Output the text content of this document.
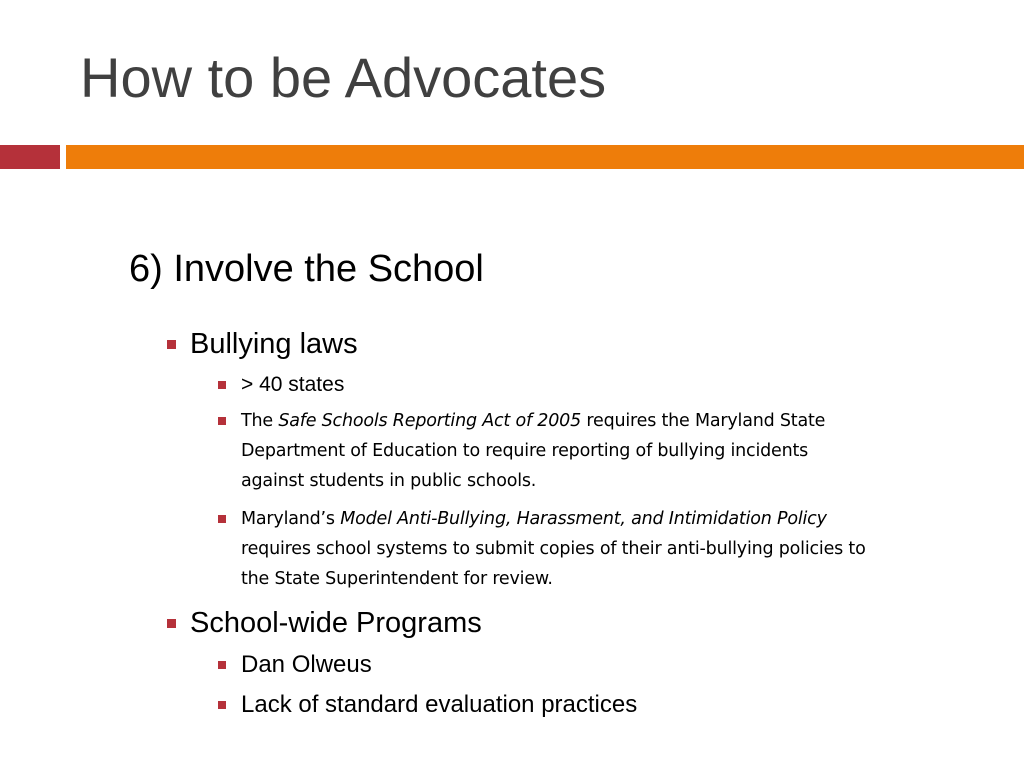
How to be Advocates
6) Involve the School
Bullying laws
> 40 states
The Safe Schools Reporting Act of 2005 requires the Maryland State
Department of Education to require reporting of bullying incidents
against students in public schools.
Maryland’s Model Anti-Bullying, Harassment, and Intimidation Policy
requires school systems to submit copies of their anti-bullying policies to
the State Superintendent for review.
School-wide Programs
Dan Olweus
Lack of standard evaluation practices
